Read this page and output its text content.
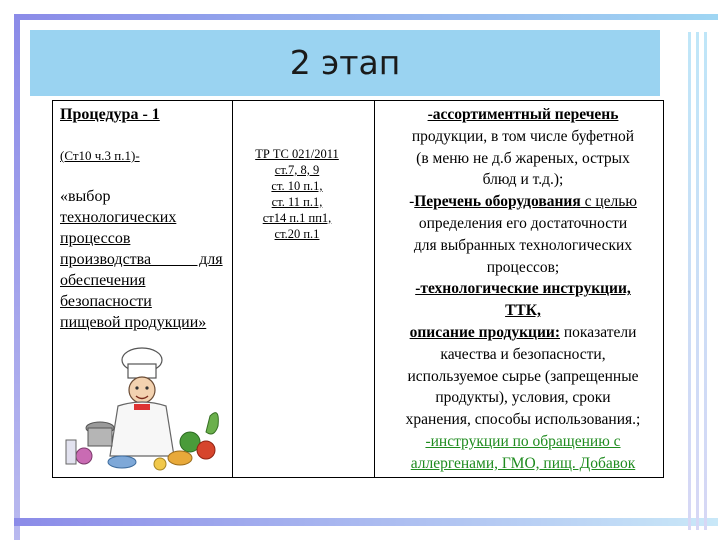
2 этап
Процедура - 1
(Ст10 ч.3 п.1)-
«выбор
технологических
процессов
производства для
обеспечения
безопасности
пищевой продукции»
ТР ТС 021/2011
ст.7, 8, 9
ст. 10 п.1,
ст. 11 п.1,
ст14 п.1 пп1,
ст.20 п.1
-ассортиментный перечень
продукции, в том числе буфетной
(в меню не д.б жареных, острых
блюд и т.д.);
-Перечень оборудования с целью
определения его достаточности
для выбранных технологических
процессов;
-технологические инструкции,
ТТК,
описание продукции: показатели
качества и безопасности,
используемое сырье (запрещенные
продукты), условия, сроки
хранения, способы использования.;
-инструкции по обращению с
аллергенами, ГМО, пищ. Добавок
